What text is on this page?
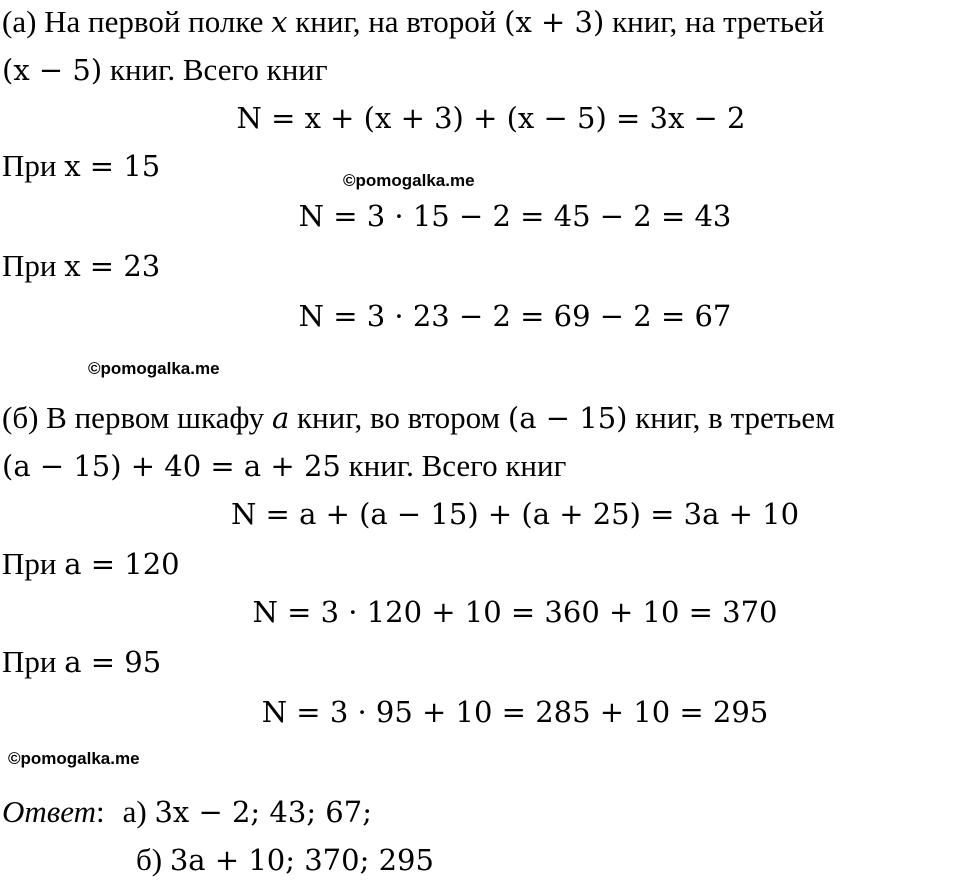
(а) На первой полке x книг, на второй (x + 3) книг, на третьей
(x − 5) книг. Всего книг
N = x + (x + 3) + (x − 5) = 3x − 2
При x = 15	©pomogalka.me
N = 3 · 15 − 2 = 45 − 2 = 43
При x = 23
N = 3 · 23 − 2 = 69 − 2 = 67
©pomogalka.me
(б) В первом шкафу a книг, во втором (a − 15) книг, в третьем
(a − 15) + 40 = a + 25 книг. Всего книг
N = a + (a − 15) + (a + 25) = 3a + 10
При a = 120
N = 3 · 120 + 10 = 360 + 10 = 370
При a = 95
N = 3 · 95 + 10 = 285 + 10 = 295
©pomogalka.me
Ответ: а) 3x − 2; 43; 67;
б) 3a + 10; 370; 295
